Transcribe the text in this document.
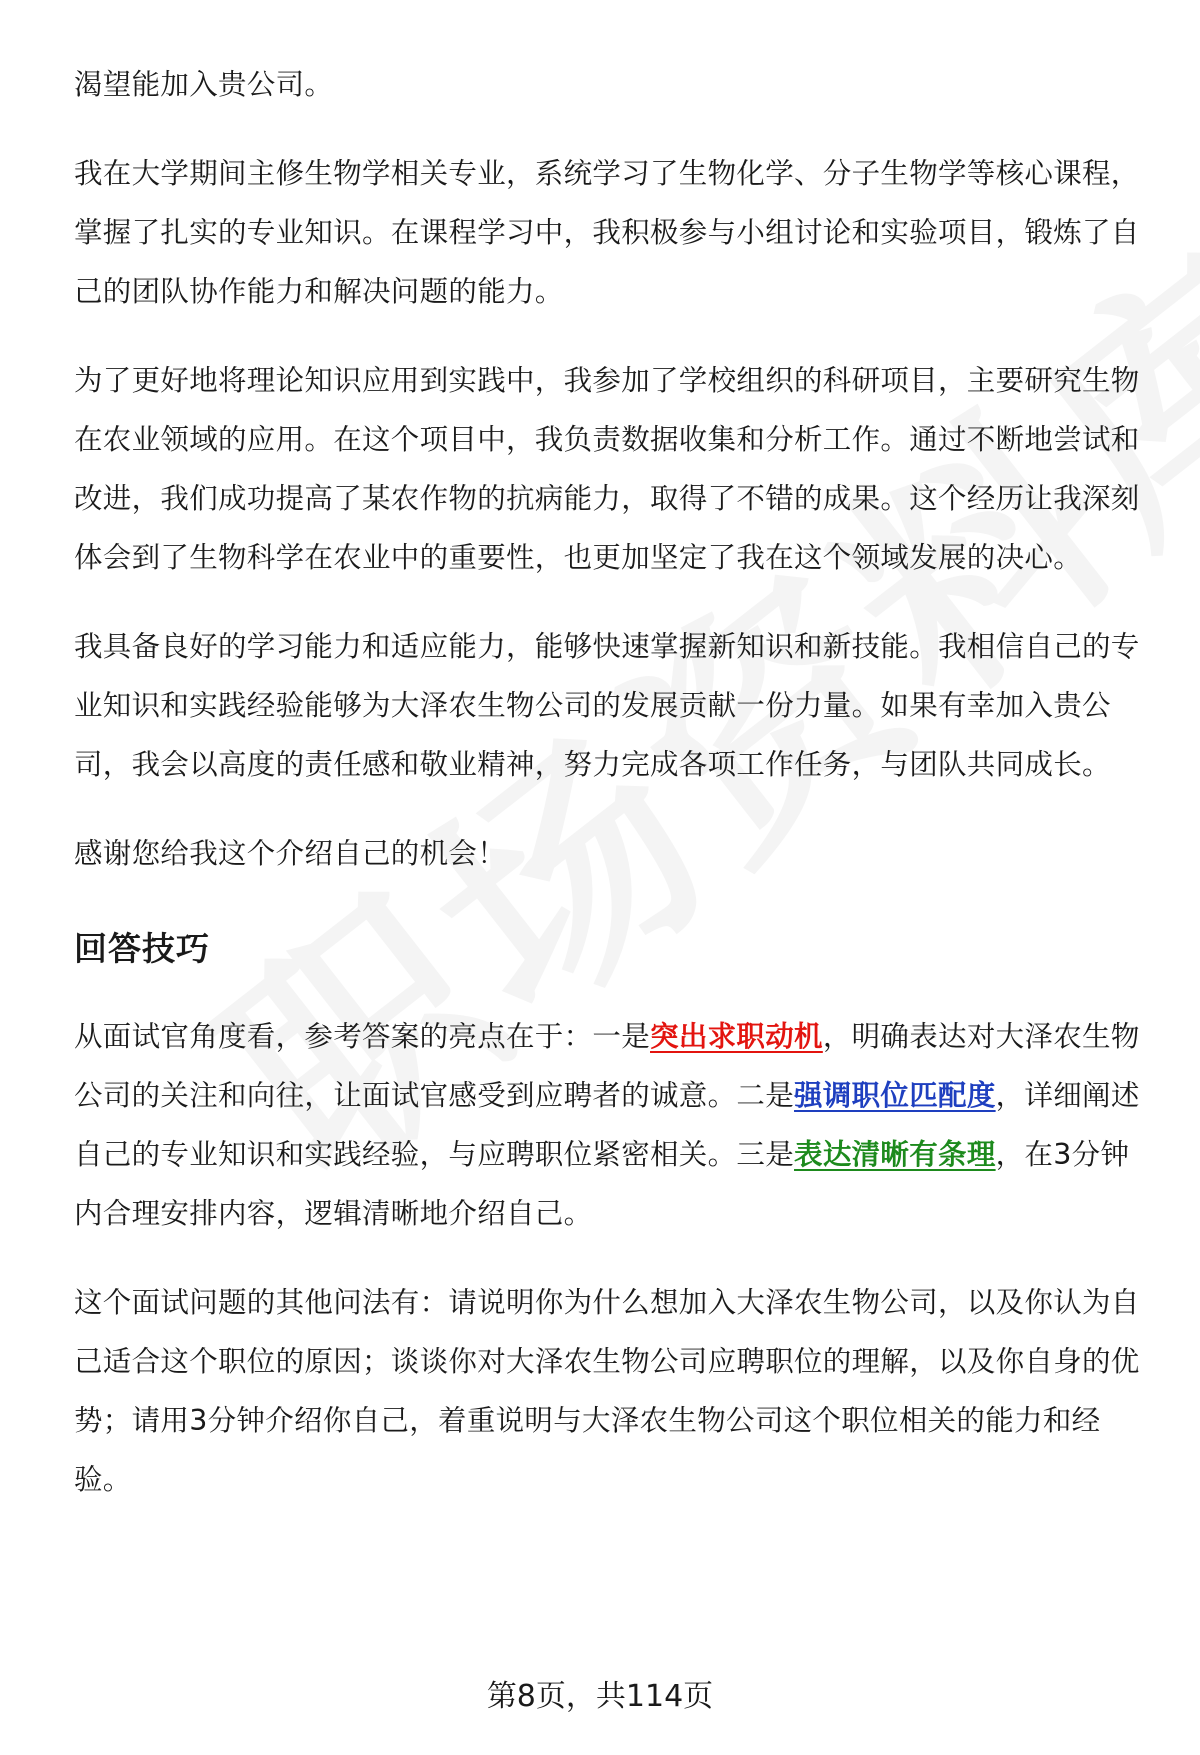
渴望能加入贵公司。

我在大学期间主修生物学相关专业，系统学习了生物化学、分子生物学等核心课程，掌握了扎实的专业知识。在课程学习中，我积极参与小组讨论和实验项目，锻炼了自己的团队协作能力和解决问题的能力。

为了更好地将理论知识应用到实践中，我参加了学校组织的科研项目，主要研究生物在农业领域的应用。在这个项目中，我负责数据收集和分析工作。通过不断地尝试和改进，我们成功提高了某农作物的抗病能力，取得了不错的成果。这个经历让我深刻体会到了生物科学在农业中的重要性，也更加坚定了我在这个领域发展的决心。

我具备良好的学习能力和适应能力，能够快速掌握新知识和新技能。我相信自己的专业知识和实践经验能够为大泽农生物公司的发展贡献一份力量。如果有幸加入贵公司，我会以高度的责任感和敬业精神，努力完成各项工作任务，与团队共同成长。

感谢您给我这个介绍自己的机会！

回答技巧

从面试官角度看，参考答案的亮点在于：一是突出求职动机，明确表达对大泽农生物公司的关注和向往，让面试官感受到应聘者的诚意。二是强调职位匹配度，详细阐述自己的专业知识和实践经验，与应聘职位紧密相关。三是表达清晰有条理，在3分钟内合理安排内容，逻辑清晰地介绍自己。

这个面试问题的其他问法有：请说明你为什么想加入大泽农生物公司，以及你认为自己适合这个职位的原因；谈谈你对大泽农生物公司应聘职位的理解，以及你自身的优势；请用3分钟介绍你自己，着重说明与大泽农生物公司这个职位相关的能力和经验。

第8页，共114页
